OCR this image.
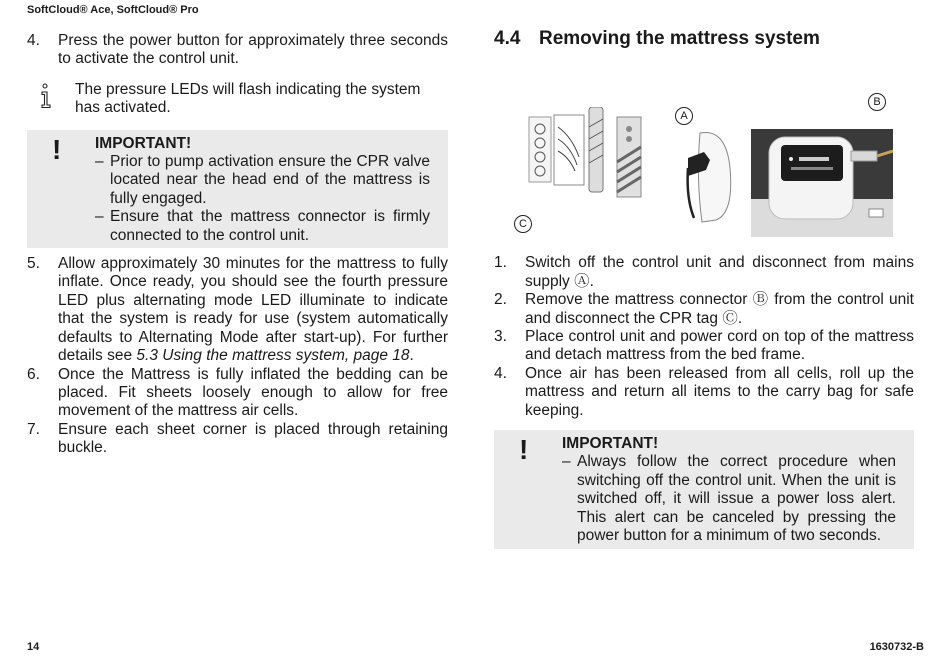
SoftCloud® Ace, SoftCloud® Pro
4.	Press the power button for approximately three seconds to activate the control unit.
The pressure LEDs will flash indicating the system has activated.
!	IMPORTANT!
– Prior to pump activation ensure the CPR valve located near the head end of the mattress is fully engaged.
– Ensure that the mattress connector is firmly connected to the control unit.
5.	Allow approximately 30 minutes for the mattress to fully inflate. Once ready, you should see the fourth pressure LED plus alternating mode LED illuminate to indicate that the system is ready for use (system automatically defaults to Alternating Mode after start-up). For further details see 5.3 Using the mattress system, page 18.
6.	Once the Mattress is fully inflated the bedding can be placed. Fit sheets loosely enough to allow for free movement of the mattress air cells.
7.	Ensure each sheet corner is placed through retaining buckle.
4.4 Removing the mattress system
C
A
B
1.	Switch off the control unit and disconnect from mains supply Ⓐ.
2.	Remove the mattress connector Ⓑ from the control unit and disconnect the CPR tag Ⓒ.
3.	Place control unit and power cord on top of the mattress and detach mattress from the bed frame.
4.	Once air has been released from all cells, roll up the mattress and return all items to the carry bag for safe keeping.
!	IMPORTANT!
– Always follow the correct procedure when switching off the control unit. When the unit is switched off, it will issue a power loss alert. This alert can be canceled by pressing the power button for a minimum of two seconds.
14	1630732-B
